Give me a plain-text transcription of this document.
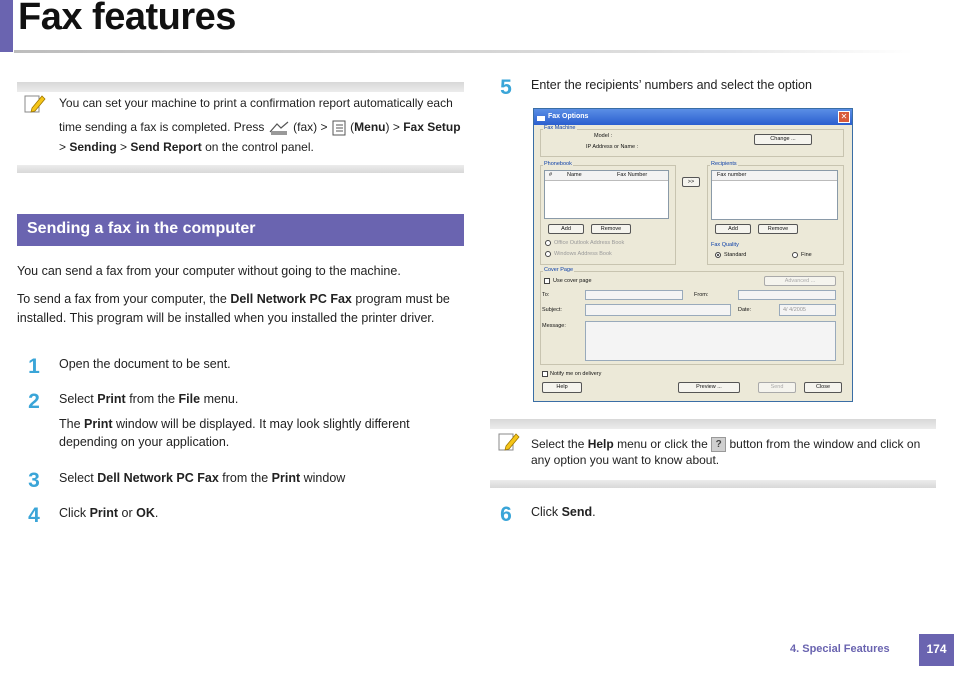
Fax features
You can set your machine to print a confirmation report automatically each
time sending a fax is completed. Press (fax) > (Menu) > Fax Setup
> Sending > Send Report on the control panel.
Sending a fax in the computer
You can send a fax from your computer without going to the machine.
To send a fax from your computer, the Dell Network PC Fax program must be
installed. This program will be installed when you installed the printer driver.
1	Open the document to be sent.
2	Select Print from the File menu.
The Print window will be displayed. It may look slightly different
depending on your application.
3	Select Dell Network PC Fax from the Print window
4	Click Print or OK.
5	Enter the recipients’ numbers and select the option
Fax Options	✕
Fax Machine
Model :
IP Address or Name :
Change ...
Phonebook
#	Name	Fax Number
Add	Remove
Office Outlook Address Book
Windows Address Book
>>
Recipients
Fax number
Add	Remove
Fax Quality
Standard	Fine
Cover Page
Use cover page	Advanced ...
To:	From:
Subject:	Date:	4/ 4/2005
Message:
Notify me on delivery
Help	Preview ...	Send	Close
Select the Help menu or click the ? button from the window and click on
any option you want to know about.
6	Click Send.
4. Special Features	174
